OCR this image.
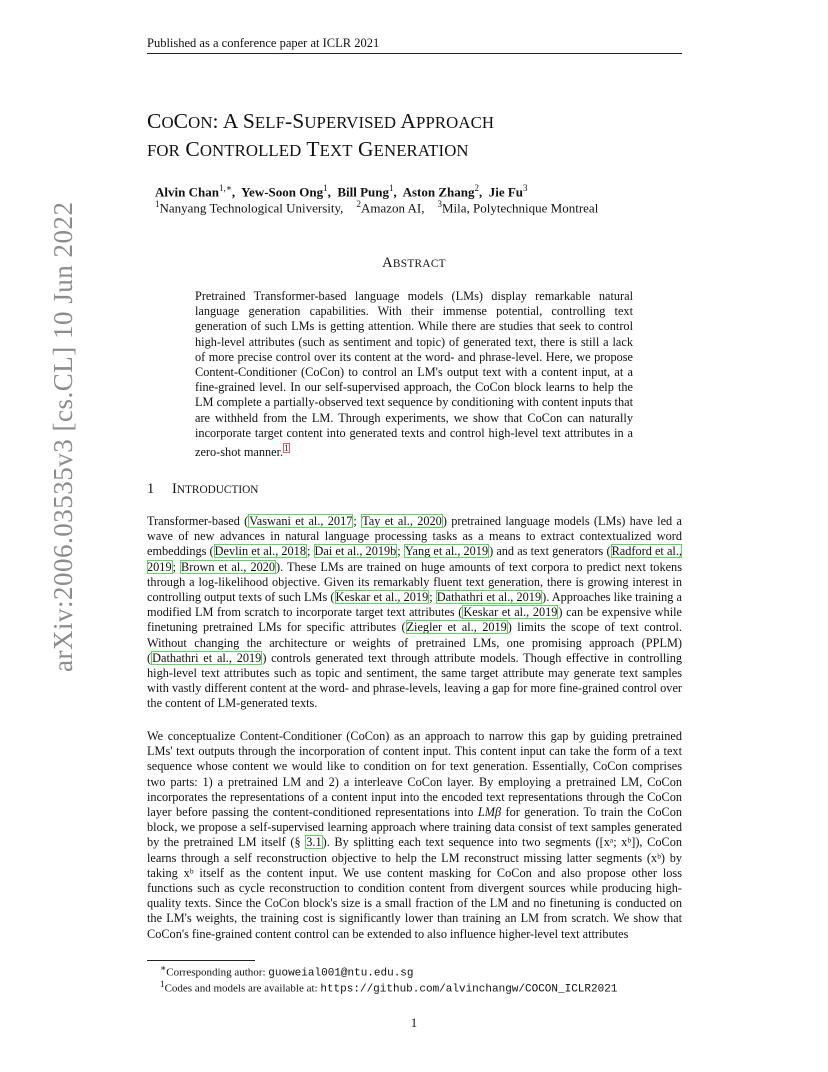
arXiv:2006.03535v3 [cs.CL] 10 Jun 2022
Published as a conference paper at ICLR 2021
COCON: A SELF-SUPERVISED APPROACH
FOR CONTROLLED TEXT GENERATION
Alvin Chan$^{1,∗}$,  Yew-Soon Ong$^1$,  Bill Pung$^1$,  Aston Zhang$^2$,  Jie Fu$^3$
$^1$Nanyang Technological University, $^2$Amazon AI, $^3$Mila, Polytechnique Montreal
ABSTRACT
Pretrained Transformer-based language models (LMs) display remarkable natural language generation capabilities. With their immense potential, controlling text generation of such LMs is getting attention. While there are studies that seek to control high-level attributes (such as sentiment and topic) of generated text, there is still a lack of more precise control over its content at the word- and phrase-level. Here, we propose Content-Conditioner (CoCon) to control an LM's output text with a content input, at a fine-grained level. In our self-supervised approach, the CoCon block learns to help the LM complete a partially-observed text sequence by conditioning with content inputs that are withheld from the LM. Through experiments, we show that CoCon can naturally incorporate target content into generated texts and control high-level text attributes in a zero-shot manner.$^1$
1 INTRODUCTION
Transformer-based (Vaswani et al., 2017; Tay et al., 2020) pretrained language models (LMs) have led a wave of new advances in natural language processing tasks as a means to extract contextualized word embeddings (Devlin et al., 2018; Dai et al., 2019b; Yang et al., 2019) and as text generators (Radford et al., 2019; Brown et al., 2020). These LMs are trained on huge amounts of text corpora to predict next tokens through a log-likelihood objective. Given its remarkably fluent text generation, there is growing interest in controlling output texts of such LMs (Keskar et al., 2019; Dathathri et al., 2019). Approaches like training a modified LM from scratch to incorporate target text attributes (Keskar et al., 2019) can be expensive while finetuning pretrained LMs for specific attributes (Ziegler et al., 2019) limits the scope of text control. Without changing the architecture or weights of pretrained LMs, one promising approach (PPLM) (Dathathri et al., 2019) controls generated text through attribute models. Though effective in controlling high-level text attributes such as topic and sentiment, the same target attribute may generate text samples with vastly different content at the word- and phrase-levels, leaving a gap for more fine-grained control over the content of LM-generated texts.
We conceptualize Content-Conditioner (CoCon) as an approach to narrow this gap by guiding pretrained LMs' text outputs through the incorporation of content input. This content input can take the form of a text sequence whose content we would like to condition on for text generation. Essentially, CoCon comprises two parts: 1) a pretrained LM and 2) a interleave CoCon layer. By employing a pretrained LM, CoCon incorporates the representations of a content input into the encoded text representations through the CoCon layer before passing the content-conditioned representations into LMβ for generation. To train the CoCon block, we propose a self-supervised learning approach where training data consist of text samples generated by the pretrained LM itself (§ 3.1). By splitting each text sequence into two segments ([xᵃ; xᵇ]), CoCon learns through a self reconstruction objective to help the LM reconstruct missing latter segments (xᵇ) by taking xᵇ itself as the content input. We use content masking for CoCon and also propose other loss functions such as cycle reconstruction to condition content from divergent sources while producing high-quality texts. Since the CoCon block's size is a small fraction of the LM and no finetuning is conducted on the LM's weights, the training cost is significantly lower than training an LM from scratch. We show that CoCon's fine-grained content control can be extended to also influence higher-level text attributes
∗Corresponding author: guoweial001@ntu.edu.sg
$^1$Codes and models are available at: https://github.com/alvinchangw/COCON_ICLR2021
1
